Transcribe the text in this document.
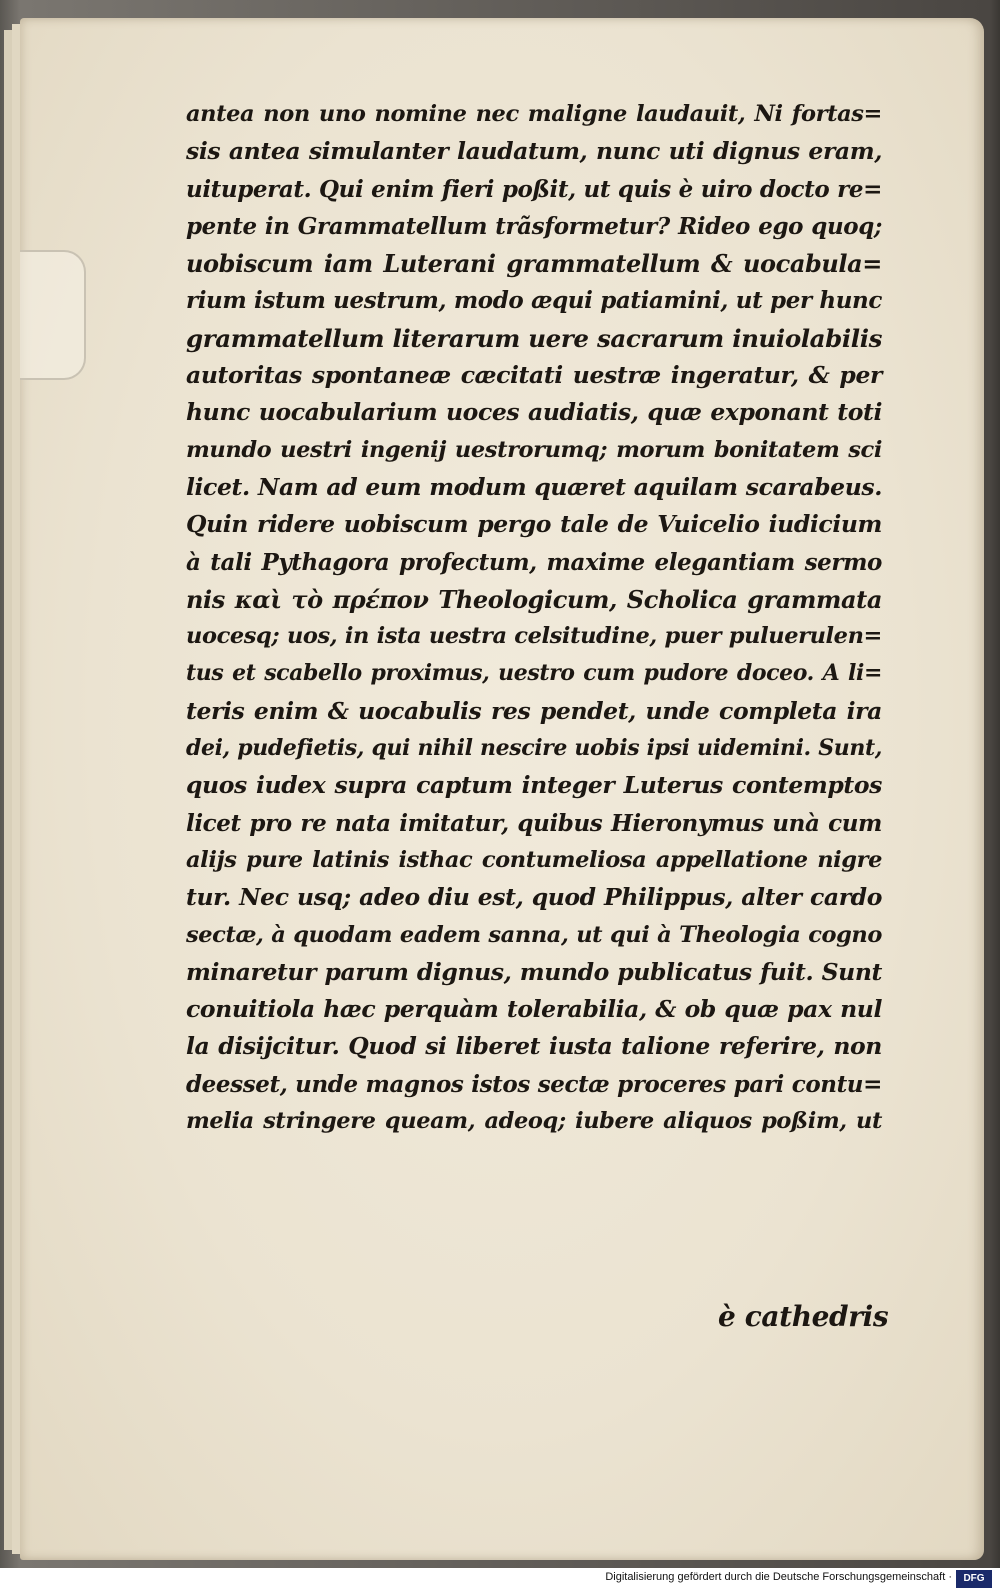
antea non uno nomine nec maligne laudauit, Ni fortas=
sis antea simulanter laudatum, nunc uti dignus eram,
uituperat. Qui enim fieri poßit, ut quis è uiro docto re=
pente in Grammatellum trãsformetur? Rideo ego quoq;
uobiscum iam Luterani grammatellum & uocabula=
rium istum uestrum, modo æqui patiamini, ut per hunc
grammatellum literarum uere sacrarum inuiolabilis
autoritas spontaneæ cæcitati uestræ ingeratur, & per
hunc uocabularium uoces audiatis, quæ exponant toti
mundo uestri ingenij uestrorumq; morum bonitatem sci
licet. Nam ad eum modum quæret aquilam scarabeus.
Quin ridere uobiscum pergo tale de Vuicelio iudicium
à tali Pythagora profectum, maxime elegantiam sermo
nis καὶ τὸ πρέπον Theologicum, Scholica grammata
uocesq; uos, in ista uestra celsitudine, puer puluerulen=
tus et scabello proximus, uestro cum pudore doceo. A li=
teris enim & uocabulis res pendet, unde completa ira
dei, pudefietis, qui nihil nescire uobis ipsi uidemini. Sunt,
quos iudex supra captum integer Luterus contemptos
licet pro re nata imitatur, quibus Hieronymus unà cum
alijs pure latinis isthac contumeliosa appellatione nigre
tur. Nec usq; adeo diu est, quod Philippus, alter cardo
sectæ, à quodam eadem sanna, ut qui à Theologia cogno
minaretur parum dignus, mundo publicatus fuit. Sunt
conuitiola hæc perquàm tolerabilia, & ob quæ pax nul
la disijcitur. Quod si liberet iusta talione referire, non
deesset, unde magnos istos sectæ proceres pari contu=
melia stringere queam, adeoq; iubere aliquos poßim, ut
è cathedris
Digitalisierung gefördert durch die Deutsche Forschungsgemeinschaft ·	DFG
